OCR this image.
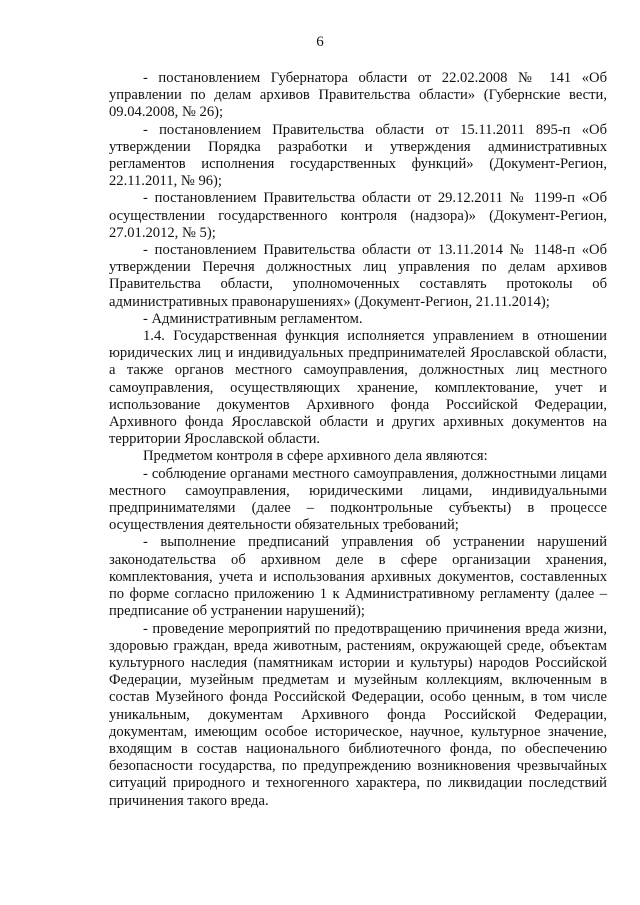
6

- постановлением Губернатора области от 22.02.2008 № 141 «Об управлении по делам архивов Правительства области» (Губернские вести, 09.04.2008, № 26);

- постановлением Правительства области от 15.11.2011 895-п «Об утверждении Порядка разработки и утверждения административных регламентов исполнения государственных функций» (Документ-Регион, 22.11.2011, № 96);

- постановлением Правительства области от 29.12.2011 № 1199-п «Об осуществлении государственного контроля (надзора)» (Документ-Регион, 27.01.2012, № 5);

- постановлением Правительства области от 13.11.2014 № 1148-п «Об утверждении Перечня должностных лиц управления по делам архивов Правительства области, уполномоченных составлять протоколы об административных правонарушениях» (Документ-Регион, 21.11.2014);

- Административным регламентом.

1.4. Государственная функция исполняется управлением в отношении юридических лиц и индивидуальных предпринимателей Ярославской области, а также органов местного самоуправления, должностных лиц местного самоуправления, осуществляющих хранение, комплектование, учет и использование документов Архивного фонда Российской Федерации, Архивного фонда Ярославской области и других архивных документов на территории Ярославской области.

Предметом контроля в сфере архивного дела являются:

- соблюдение органами местного самоуправления, должностными лицами местного самоуправления, юридическими лицами, индивидуальными предпринимателями (далее – подконтрольные субъекты) в процессе осуществления деятельности обязательных требований;

- выполнение предписаний управления об устранении нарушений законодательства об архивном деле в сфере организации хранения, комплектования, учета и использования архивных документов, составленных по форме согласно приложению 1 к Административному регламенту (далее – предписание об устранении нарушений);

- проведение мероприятий по предотвращению причинения вреда жизни, здоровью граждан, вреда животным, растениям, окружающей среде, объектам культурного наследия (памятникам истории и культуры) народов Российской Федерации, музейным предметам и музейным коллекциям, включенным в состав Музейного фонда Российской Федерации, особо ценным, в том числе уникальным, документам Архивного фонда Российской Федерации, документам, имеющим особое историческое, научное, культурное значение, входящим в состав национального библиотечного фонда, по обеспечению безопасности государства, по предупреждению возникновения чрезвычайных ситуаций природного и техногенного характера, по ликвидации последствий причинения такого вреда.
